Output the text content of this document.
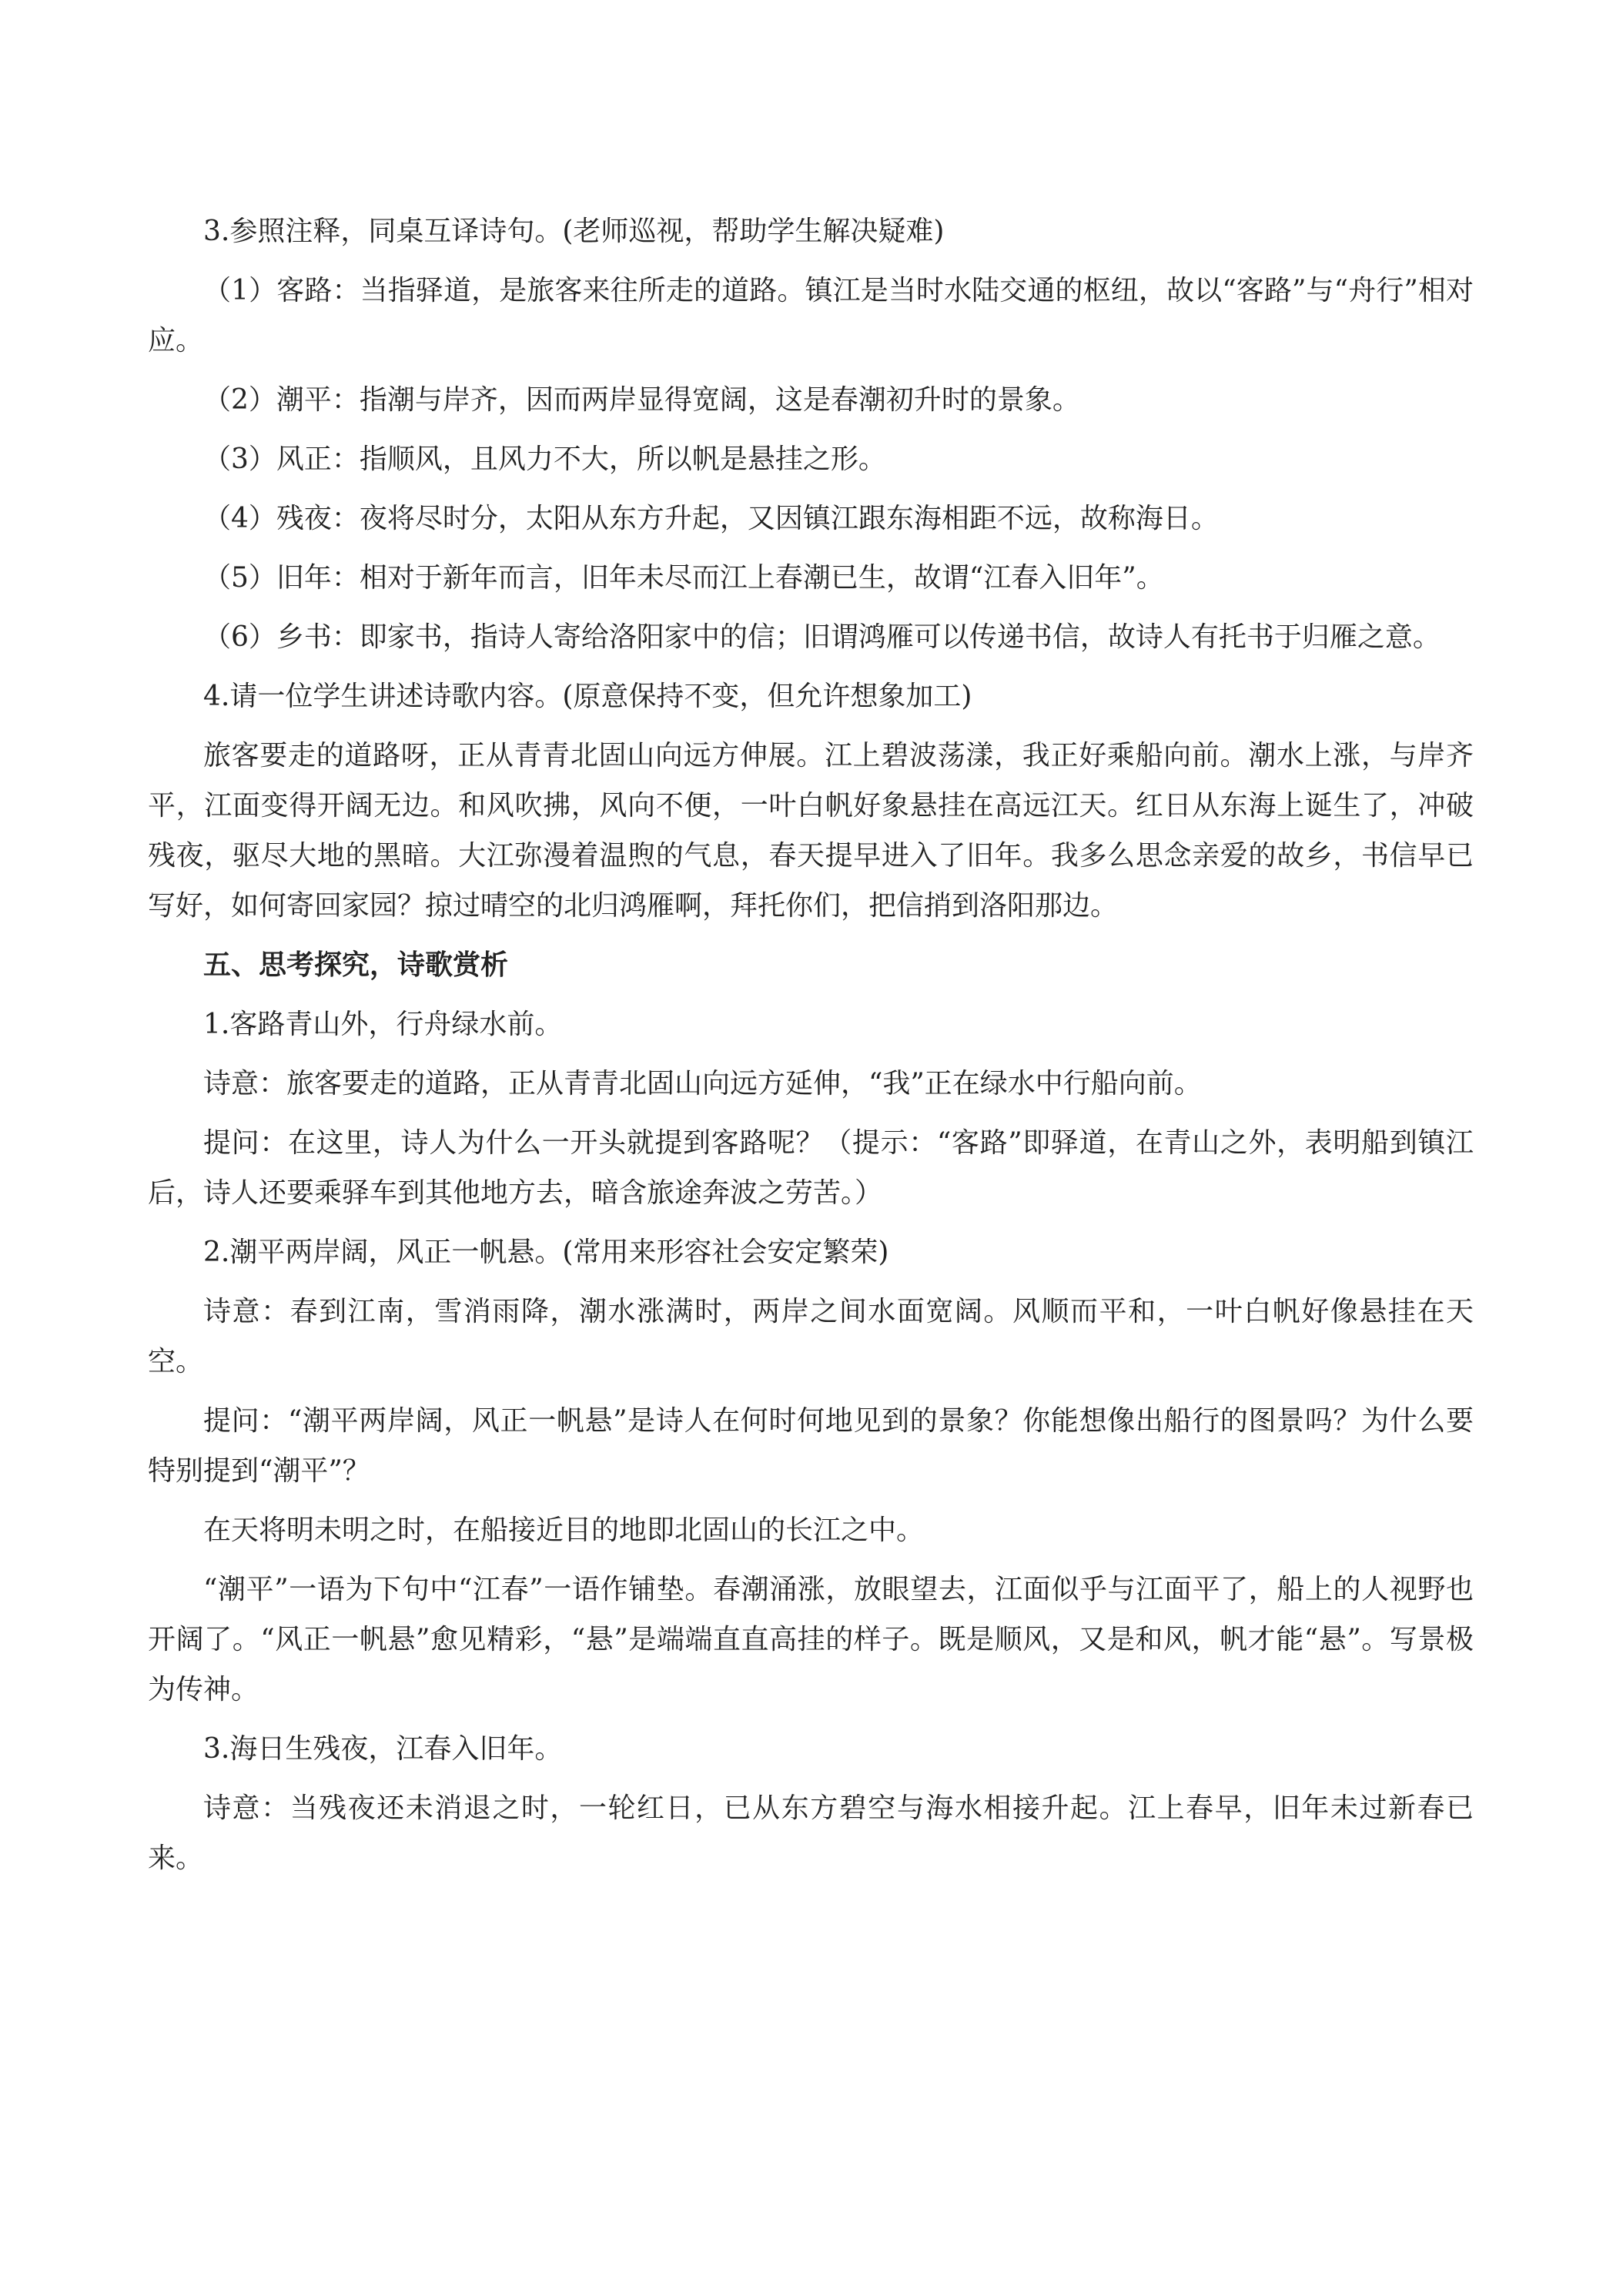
3.参照注释，同桌互译诗句。(老师巡视，帮助学生解决疑难)

（1）客路：当指驿道，是旅客来往所走的道路。镇江是当时水陆交通的枢纽，故以“客路”与“舟行”相对应。

（2）潮平：指潮与岸齐，因而两岸显得宽阔，这是春潮初升时的景象。

（3）风正：指顺风，且风力不大，所以帆是悬挂之形。

（4）残夜：夜将尽时分，太阳从东方升起，又因镇江跟东海相距不远，故称海日。

（5）旧年：相对于新年而言，旧年未尽而江上春潮已生，故谓“江春入旧年”。

（6）乡书：即家书，指诗人寄给洛阳家中的信；旧谓鸿雁可以传递书信，故诗人有托书于归雁之意。

4.请一位学生讲述诗歌内容。(原意保持不变，但允许想象加工)

旅客要走的道路呀，正从青青北固山向远方伸展。江上碧波荡漾，我正好乘船向前。潮水上涨，与岸齐平，江面变得开阔无边。和风吹拂，风向不便，一叶白帆好象悬挂在高远江天。红日从东海上诞生了，冲破残夜，驱尽大地的黑暗。大江弥漫着温煦的气息，春天提早进入了旧年。我多么思念亲爱的故乡，书信早已写好，如何寄回家园？掠过晴空的北归鸿雁啊，拜托你们，把信捎到洛阳那边。

五、思考探究，诗歌赏析

1.客路青山外，行舟绿水前。

诗意：旅客要走的道路，正从青青北固山向远方延伸，“我”正在绿水中行船向前。

提问：在这里，诗人为什么一开头就提到客路呢？（提示：“客路”即驿道，在青山之外，表明船到镇江后，诗人还要乘驿车到其他地方去，暗含旅途奔波之劳苦。）

2.潮平两岸阔，风正一帆悬。(常用来形容社会安定繁荣)

诗意：春到江南，雪消雨降，潮水涨满时，两岸之间水面宽阔。风顺而平和，一叶白帆好像悬挂在天空。

提问：“潮平两岸阔，风正一帆悬”是诗人在何时何地见到的景象？你能想像出船行的图景吗？为什么要特别提到“潮平”？

在天将明未明之时，在船接近目的地即北固山的长江之中。

“潮平”一语为下句中“江春”一语作铺垫。春潮涌涨，放眼望去，江面似乎与江面平了，船上的人视野也开阔了。“风正一帆悬”愈见精彩，“悬”是端端直直高挂的样子。既是顺风，又是和风，帆才能“悬”。写景极为传神。

3.海日生残夜，江春入旧年。

诗意：当残夜还未消退之时，一轮红日，已从东方碧空与海水相接升起。江上春早，旧年未过新春已来。
